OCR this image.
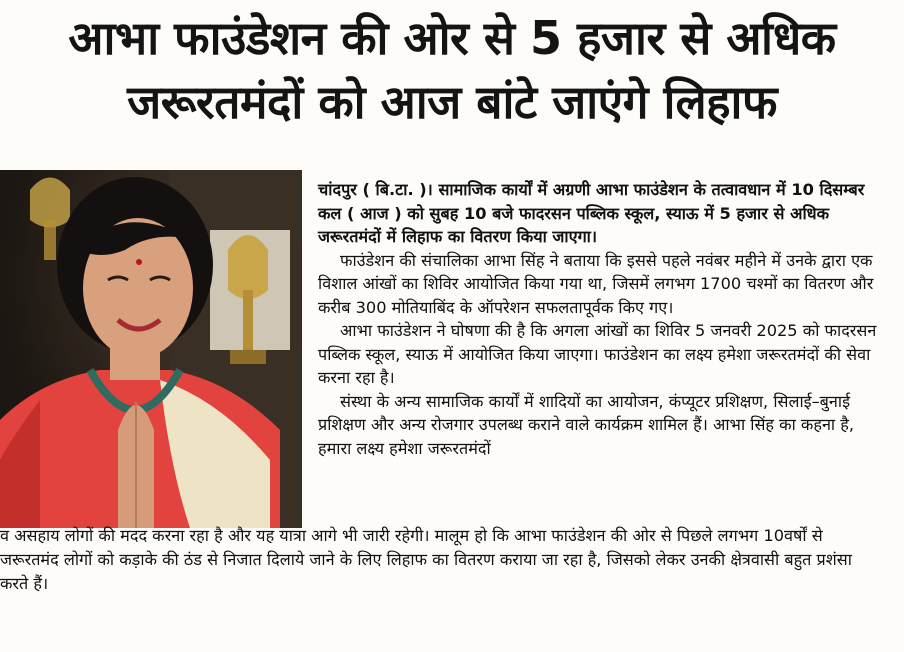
आभा फाउंडेशन की ओर से 5 हजार से अधिक
जरूरतमंदों को आज बांटे जाएंगे लिहाफ

चांदपुर ( बि.टा. )। सामाजिक कार्यों में अग्रणी आभा फाउंडेशन के तत्वावधान में 10 दिसम्बर कल ( आज ) को सुबह 10 बजे फादरसन पब्लिक स्कूल, स्याऊ में 5 हजार से अधिक जरूरतमंदों में लिहाफ का वितरण किया जाएगा।

फाउंडेशन की संचालिका आभा सिंह ने बताया कि इससे पहले नवंबर महीने में उनके द्वारा एक विशाल आंखों का शिविर आयोजित किया गया था, जिसमें लगभग 1700 चश्मों का वितरण और करीब 300 मोतियाबिंद के ऑपरेशन सफलतापूर्वक किए गए।

आभा फाउंडेशन ने घोषणा की है कि अगला आंखों का शिविर 5 जनवरी 2025 को फादरसन पब्लिक स्कूल, स्याऊ में आयोजित किया जाएगा। फाउंडेशन का लक्ष्य हमेशा जरूरतमंदों की सेवा करना रहा है।

संस्था के अन्य सामाजिक कार्यों में शादियों का आयोजन, कंप्यूटर प्रशिक्षण, सिलाई–बुनाई प्रशिक्षण और अन्य रोजगार उपलब्ध कराने वाले कार्यक्रम शामिल हैं। आभा सिंह का कहना है, हमारा लक्ष्य हमेशा जरूरतमंदों

व असहाय लोगों की मदद करना रहा है और यह यात्रा आगे भी जारी रहेगी। मालूम हो कि आभा फाउंडेशन की ओर से पिछले लगभग 10वर्षों से जरूरतमंद लोगों को कड़ाके की ठंड से निजात दिलाये जाने के लिए लिहाफ का वितरण कराया जा रहा है, जिसको लेकर उनकी क्षेत्रवासी बहुत प्रशंसा करते हैं।
